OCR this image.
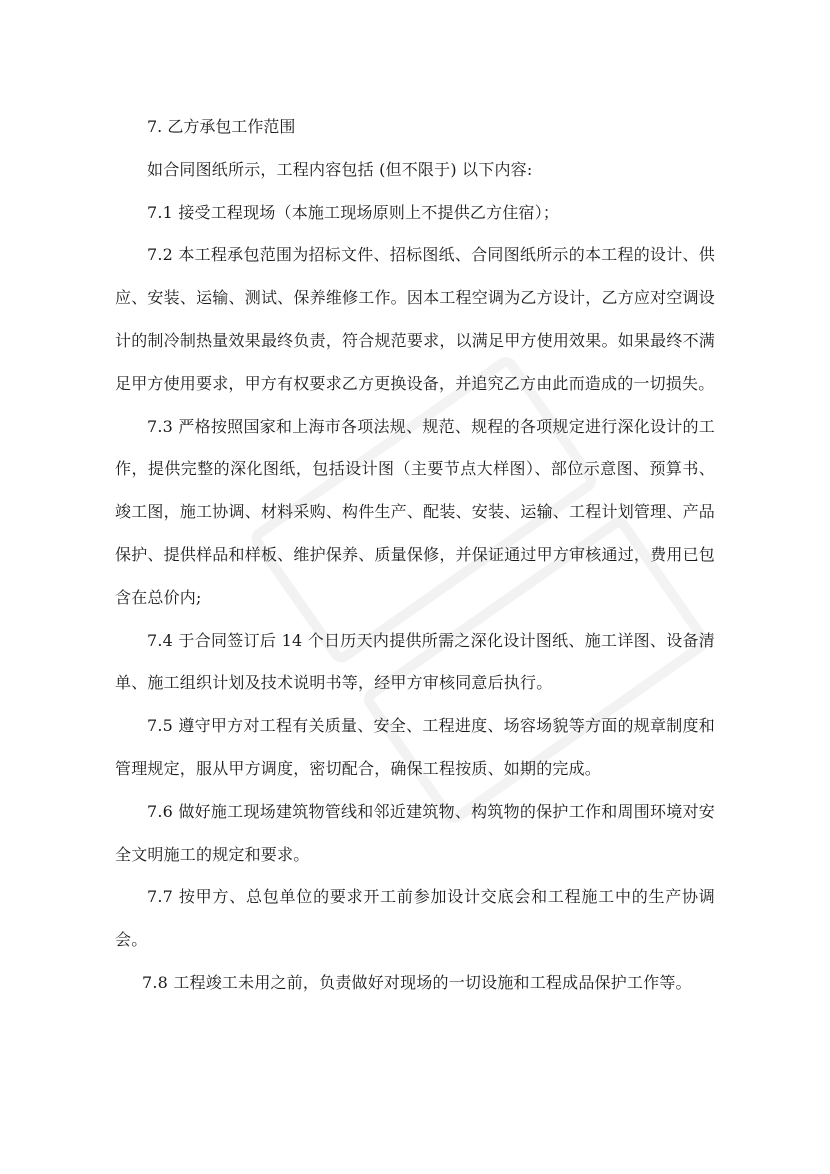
7. 乙方承包工作范围

如合同图纸所示，工程内容包括 (但不限于) 以下内容:

7.1 接受工程现场（本施工现场原则上不提供乙方住宿）；

7.2 本工程承包范围为招标文件、招标图纸、合同图纸所示的本工程的设计、供应、安装、运输、测试、保养维修工作。因本工程空调为乙方设计，乙方应对空调设计的制冷制热量效果最终负责，符合规范要求，以满足甲方使用效果。如果最终不满足甲方使用要求，甲方有权要求乙方更换设备，并追究乙方由此而造成的一切损失。

7.3 严格按照国家和上海市各项法规、规范、规程的各项规定进行深化设计的工作，提供完整的深化图纸，包括设计图（主要节点大样图）、部位示意图、预算书、竣工图，施工协调、材料采购、构件生产、配装、安装、运输、工程计划管理、产品保护、提供样品和样板、维护保养、质量保修，并保证通过甲方审核通过，费用已包含在总价内;

7.4 于合同签订后 14 个日历天内提供所需之深化设计图纸、施工详图、设备清单、施工组织计划及技术说明书等，经甲方审核同意后执行。

7.5 遵守甲方对工程有关质量、安全、工程进度、场容场貌等方面的规章制度和管理规定，服从甲方调度，密切配合，确保工程按质、如期的完成。

7.6 做好施工现场建筑物管线和邻近建筑物、构筑物的保护工作和周围环境对安全文明施工的规定和要求。

7.7 按甲方、总包单位的要求开工前参加设计交底会和工程施工中的生产协调会。

7.8 工程竣工未用之前，负责做好对现场的一切设施和工程成品保护工作等。
